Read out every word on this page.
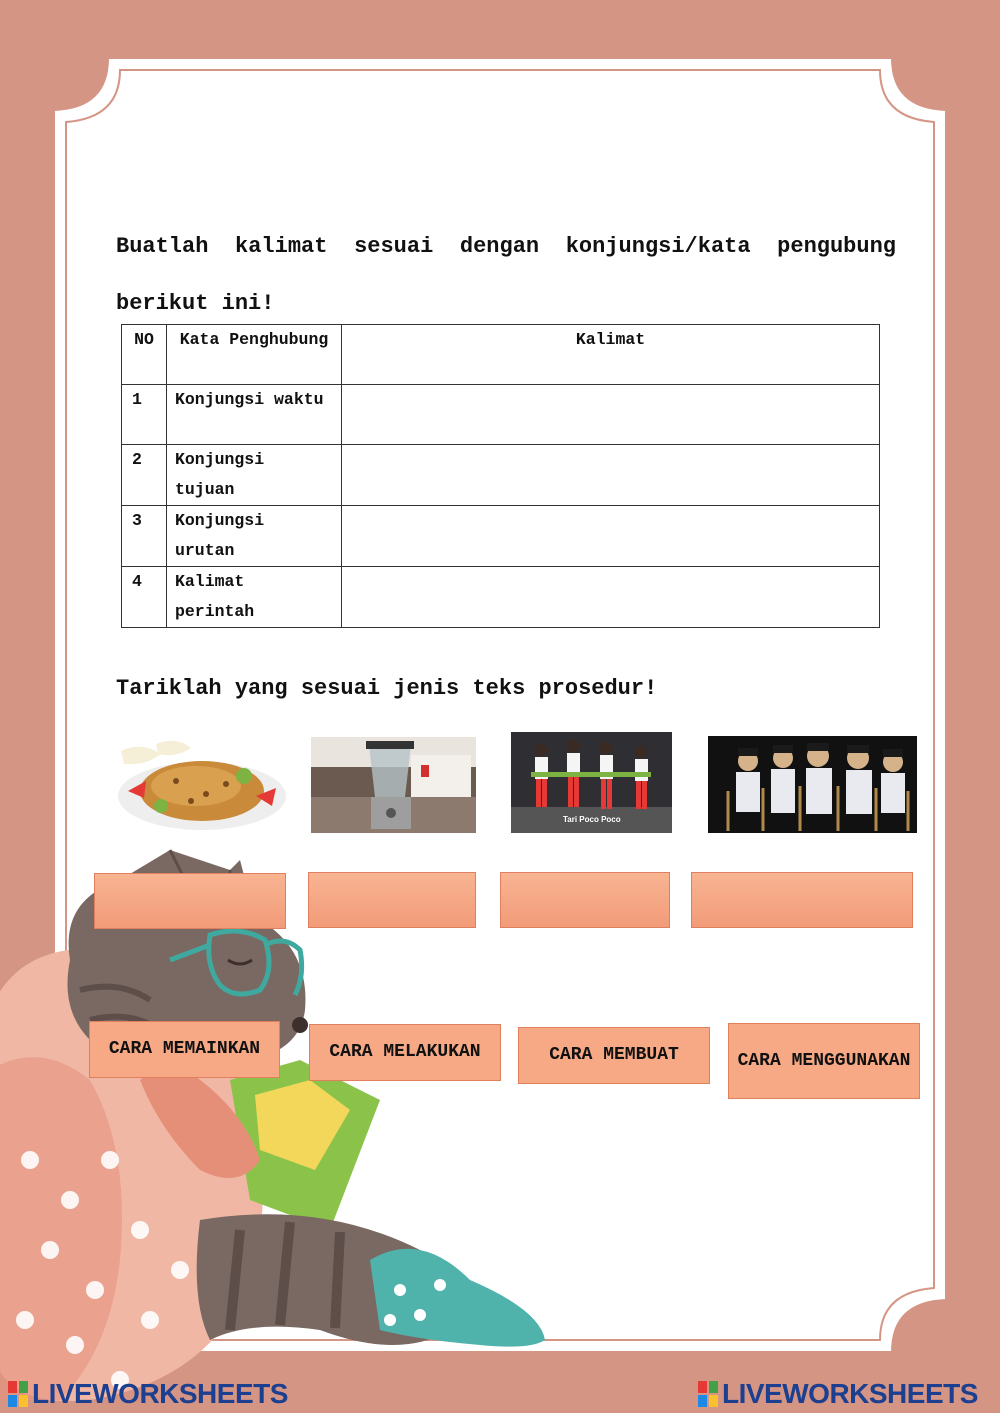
Buatlah kalimat sesuai dengan konjungsi/kata pengubung berikut ini!

NO	Kata Penghubung	Kalimat
1	Konjungsi waktu	
2	Konjungsi tujuan	
3	Konjungsi urutan	
4	Kalimat perintah	

Tariklah yang sesuai jenis teks prosedur!

Tari Poco Poco
CARA MEMAINKAN	CARA MELAKUKAN	CARA MEMBUAT	CARA MENGGUNAKAN
LIVEWORKSHEETS	LIVEWORKSHEETS
